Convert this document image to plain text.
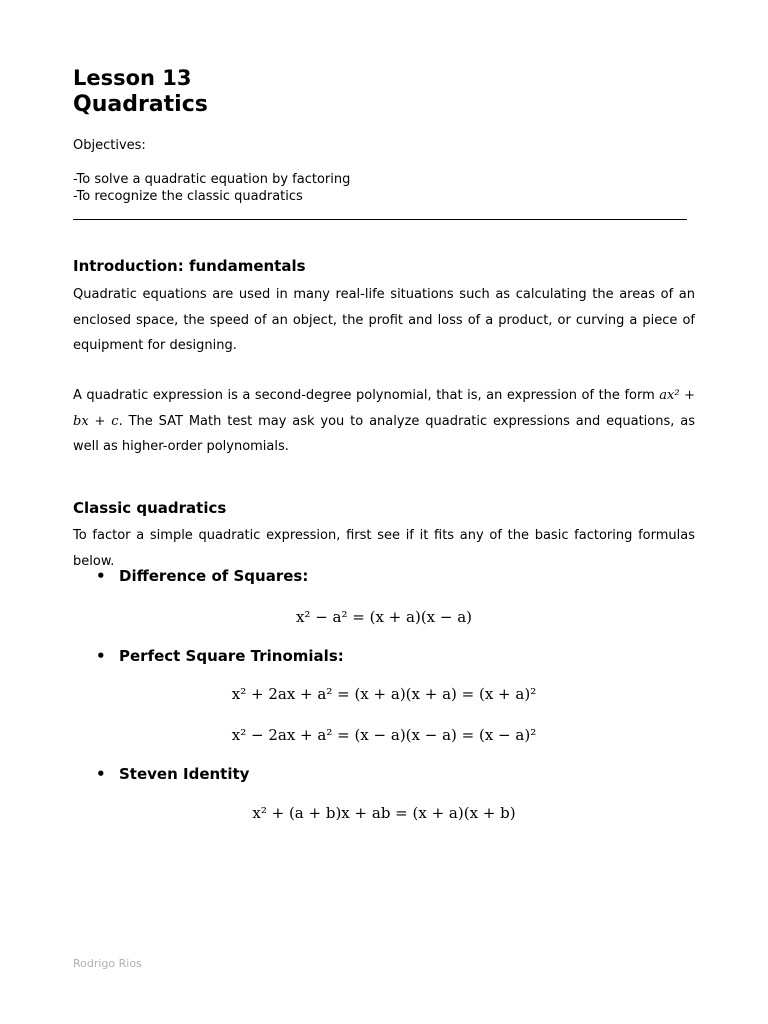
Lesson 13
Quadratics
Objectives:
-To solve a quadratic equation by factoring
-To recognize the classic quadratics
Introduction: fundamentals

Quadratic equations are used in many real-life situations such as calculating the areas of an enclosed space, the speed of an object, the profit and loss of a product, or curving a piece of equipment for designing.

A quadratic expression is a second-degree polynomial, that is, an expression of the form ax² + bx + c. The SAT Math test may ask you to analyze quadratic expressions and equations, as well as higher-order polynomials.

Classic quadratics

To factor a simple quadratic expression, first see if it fits any of the basic factoring formulas below.

• Difference of Squares:
x² − a² = (x + a)(x − a)
• Perfect Square Trinomials:
x² + 2ax + a² = (x + a)(x + a) = (x + a)²
x² − 2ax + a² = (x − a)(x − a) = (x − a)²
• Steven Identity
x² + (a + b)x + ab = (x + a)(x + b)
Rodrigo Rios
